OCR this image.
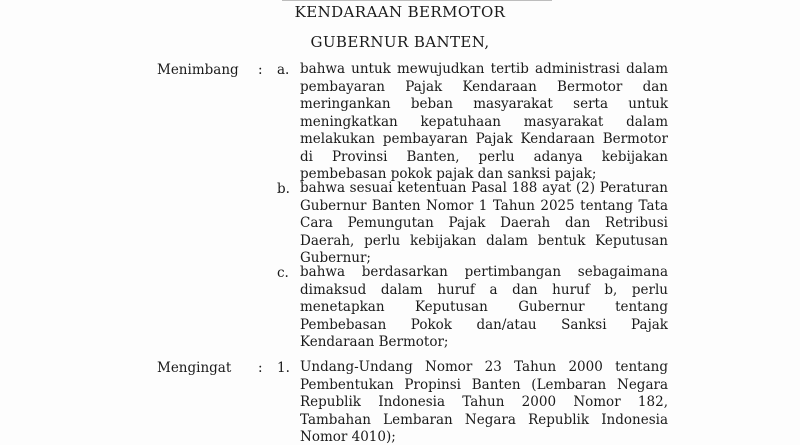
KENDARAAN BERMOTOR
GUBERNUR BANTEN,
Menimbang : a. bahwa untuk mewujudkan tertib administrasi dalam
pembayaran Pajak Kendaraan Bermotor dan
meringankan beban masyarakat serta untuk
meningkatkan kepatuhaan masyarakat dalam
melakukan pembayaran Pajak Kendaraan Bermotor
di Provinsi Banten, perlu adanya kebijakan
pembebasan pokok pajak dan sanksi pajak;
b. bahwa sesuai ketentuan Pasal 188 ayat (2) Peraturan
Gubernur Banten Nomor 1 Tahun 2025 tentang Tata
Cara Pemungutan Pajak Daerah dan Retribusi
Daerah, perlu kebijakan dalam bentuk Keputusan
Gubernur;
c. bahwa berdasarkan pertimbangan sebagaimana
dimaksud dalam huruf a dan huruf b, perlu
menetapkan Keputusan Gubernur tentang
Pembebasan Pokok dan/atau Sanksi Pajak
Kendaraan Bermotor;
Mengingat : 1. Undang-Undang Nomor 23 Tahun 2000 tentang
Pembentukan Propinsi Banten (Lembaran Negara
Republik Indonesia Tahun 2000 Nomor 182,
Tambahan Lembaran Negara Republik Indonesia
Nomor 4010);
